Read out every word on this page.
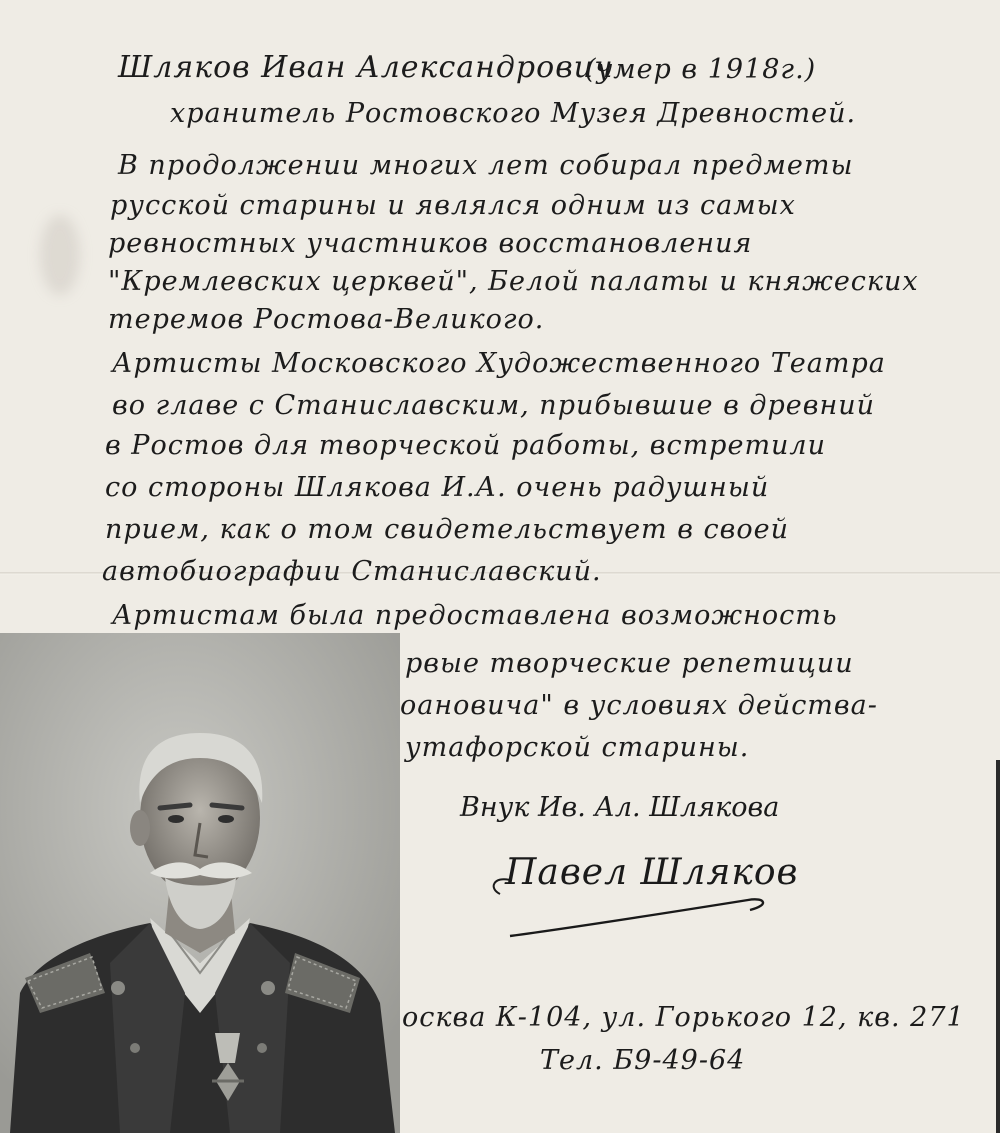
Шляков Иван Александрович
(умер в 1918г.)
хранитель Ростовского Музея Древностей.
В продолжении многих лет собирал предметы
русской старины и являлся одним из самых
ревностных участников восстановления
"Кремлевских церквей", Белой палаты и княжеских
теремов Ростова-Великого.
Артисты Московского Художественного Театра
во главе с Станиславским, прибывшие в древний
в Ростов для творческой работы, встретили
со стороны Шлякова И.А. очень радушный
прием, как о том свидетельствует в своей
автобиографии Станиславский.
Артистам была предоставлена возможность
рвые творческие репетиции
оановича" в условиях действа-
утафорской старины.
Внук Ив. Ал. Шлякова
Павел Шляков
осква К-104, ул. Горького 12, кв. 271
Тел. Б9-49-64
